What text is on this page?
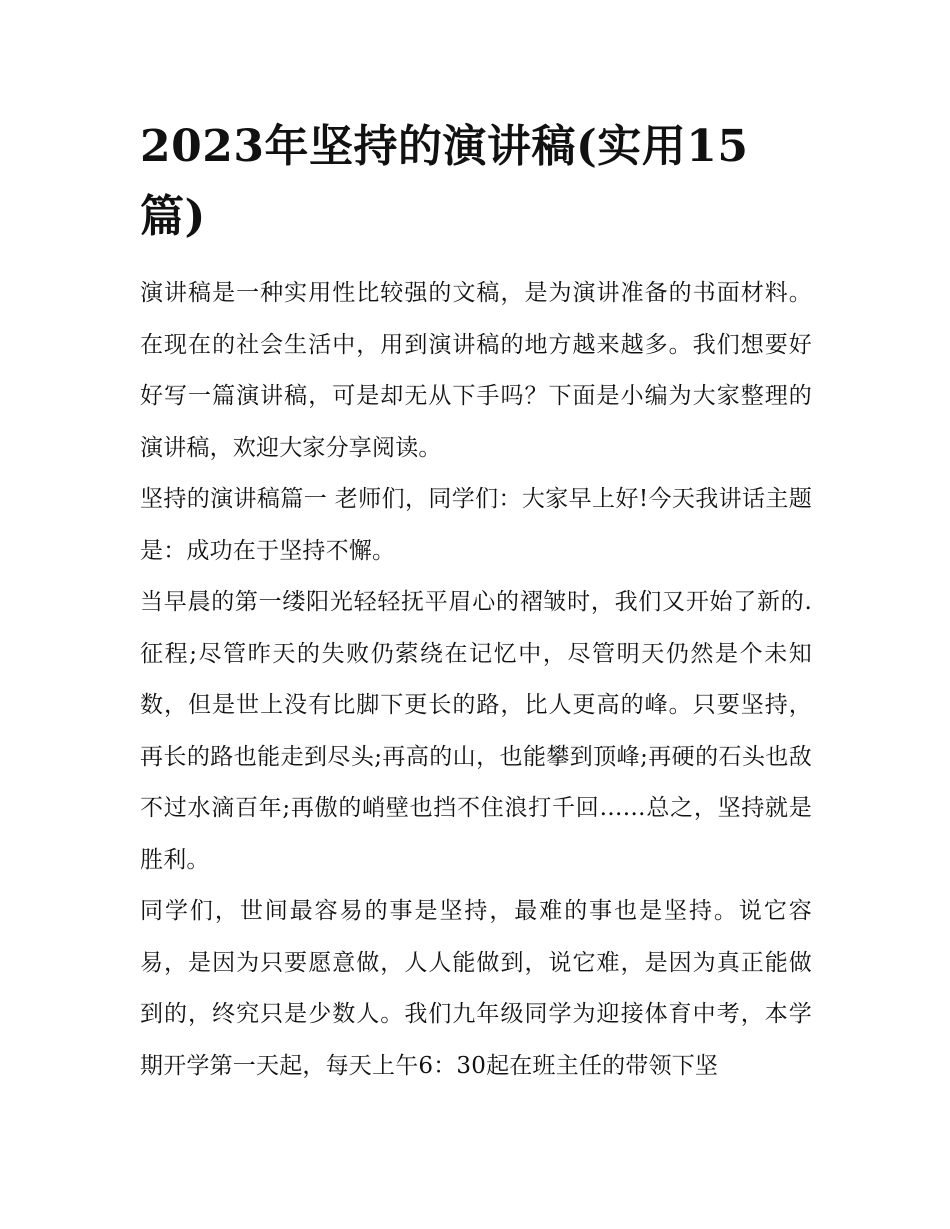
2023年坚持的演讲稿(实用15篇)

演讲稿是一种实用性比较强的文稿，是为演讲准备的书面材料。在现在的社会生活中，用到演讲稿的地方越来越多。我们想要好好写一篇演讲稿，可是却无从下手吗？下面是小编为大家整理的演讲稿，欢迎大家分享阅读。

坚持的演讲稿篇一 老师们，同学们：大家早上好!今天我讲话主题是：成功在于坚持不懈。

当早晨的第一缕阳光轻轻抚平眉心的褶皱时，我们又开始了新的.征程;尽管昨天的失败仍萦绕在记忆中，尽管明天仍然是个未知数，但是世上没有比脚下更长的路，比人更高的峰。只要坚持，再长的路也能走到尽头;再高的山，也能攀到顶峰;再硬的石头也敌不过水滴百年;再傲的峭壁也挡不住浪打千回……总之，坚持就是胜利。

同学们，世间最容易的事是坚持，最难的事也是坚持。说它容易，是因为只要愿意做，人人能做到，说它难，是因为真正能做到的，终究只是少数人。我们九年级同学为迎接体育中考，本学期开学第一天起，每天上午6：30起在班主任的带领下坚
